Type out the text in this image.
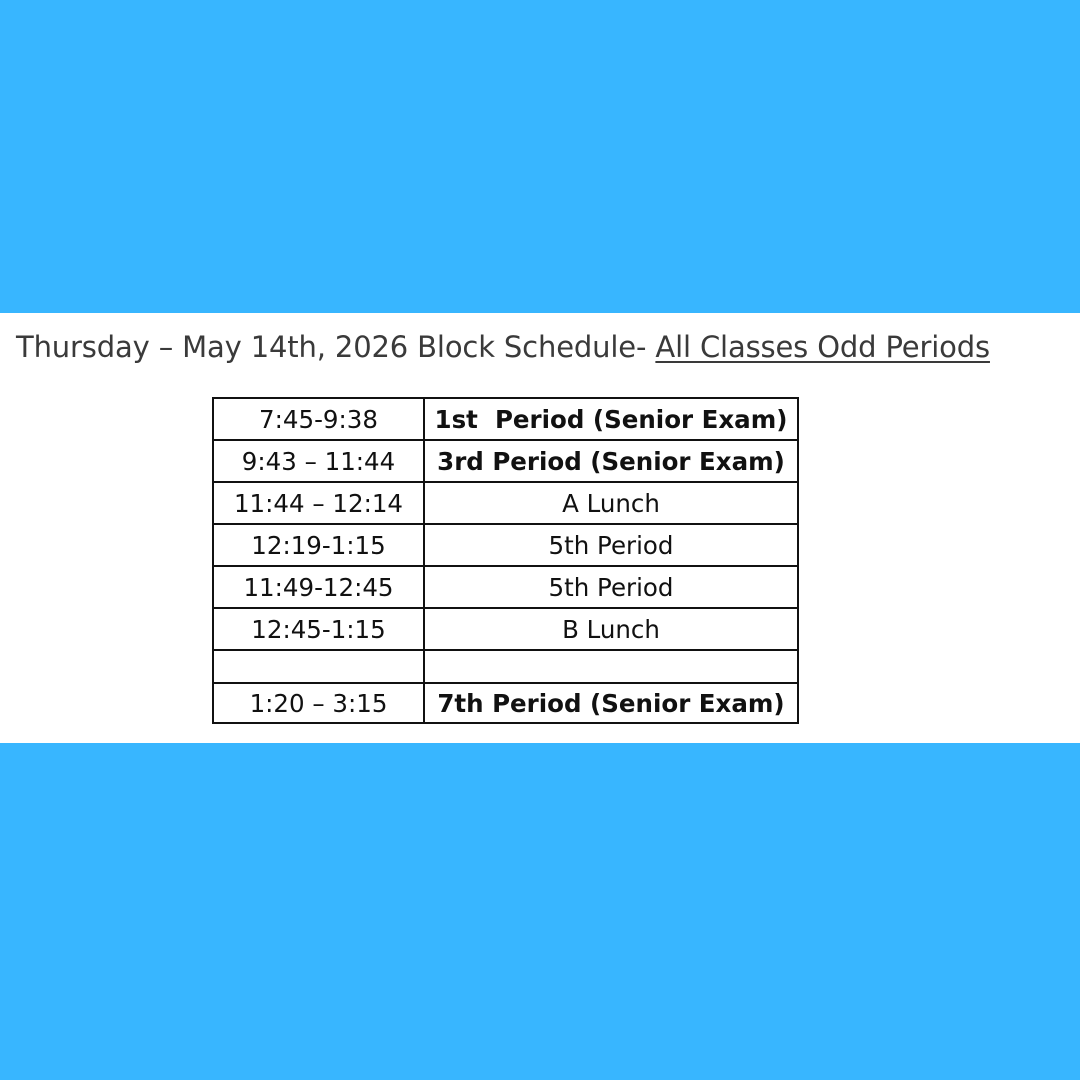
Thursday – May 14th, 2026 Block Schedule- All Classes Odd Periods
7:45-9:38	1st  Period (Senior Exam)
9:43 – 11:44	3rd Period (Senior Exam)
11:44 – 12:14	A Lunch
12:19-1:15	5th Period
11:49-12:45	5th Period
12:45-1:15	B Lunch

1:20 – 3:15	7th Period (Senior Exam)
